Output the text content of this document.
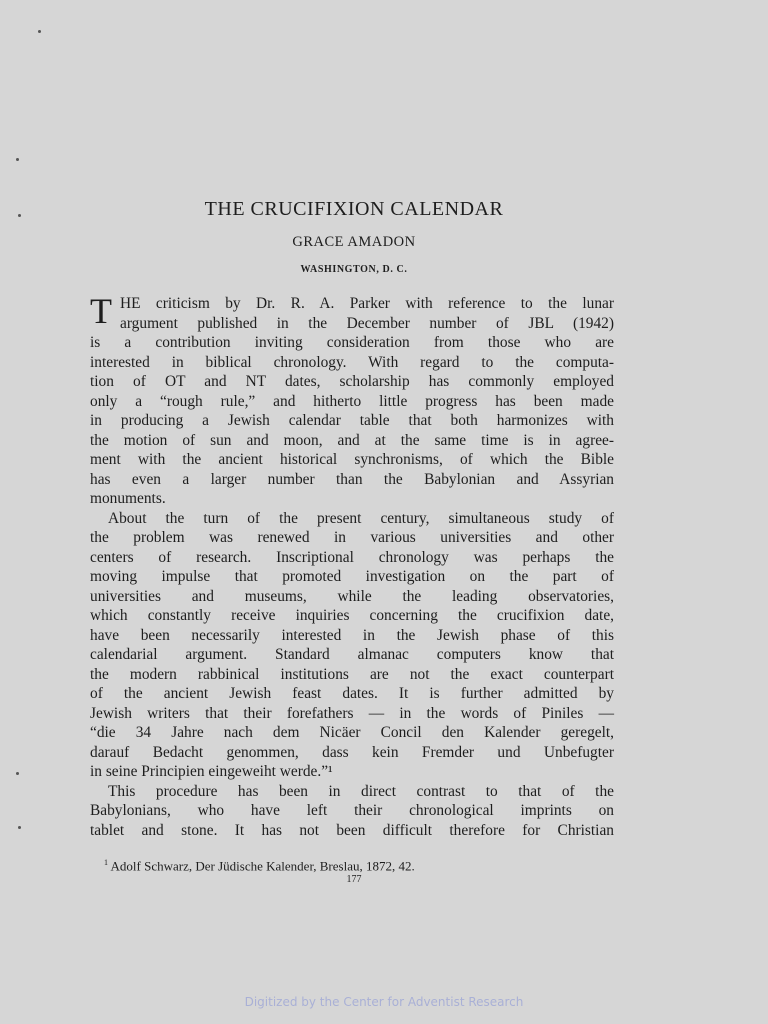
THE CRUCIFIXION CALENDAR
GRACE AMADON
WASHINGTON, D. C.
T HE criticism by Dr. R. A. Parker with reference to the lunar
argument published in the December number of JBL (1942)
is a contribution inviting consideration from those who are
interested in biblical chronology. With regard to the computa-
tion of OT and NT dates, scholarship has commonly employed
only a “rough rule,” and hitherto little progress has been made
in producing a Jewish calendar table that both harmonizes with
the motion of sun and moon, and at the same time is in agree-
ment with the ancient historical synchronisms, of which the Bible
has even a larger number than the Babylonian and Assyrian
monuments.
About the turn of the present century, simultaneous study of
the problem was renewed in various universities and other
centers of research. Inscriptional chronology was perhaps the
moving impulse that promoted investigation on the part of
universities and museums, while the leading observatories,
which constantly receive inquiries concerning the crucifixion date,
have been necessarily interested in the Jewish phase of this
calendarial argument. Standard almanac computers know that
the modern rabbinical institutions are not the exact counterpart
of the ancient Jewish feast dates. It is further admitted by
Jewish writers that their forefathers — in the words of Piniles —
“die 34 Jahre nach dem Nicäer Concil den Kalender geregelt,
darauf Bedacht genommen, dass kein Fremder und Unbefugter
in seine Principien eingeweiht werde.”¹
This procedure has been in direct contrast to that of the
Babylonians, who have left their chronological imprints on
tablet and stone. It has not been difficult therefore for Christian
$^1$ Adolf Schwarz, Der Jüdische Kalender, Breslau, 1872, 42.
177
Digitized by the Center for Adventist Research
